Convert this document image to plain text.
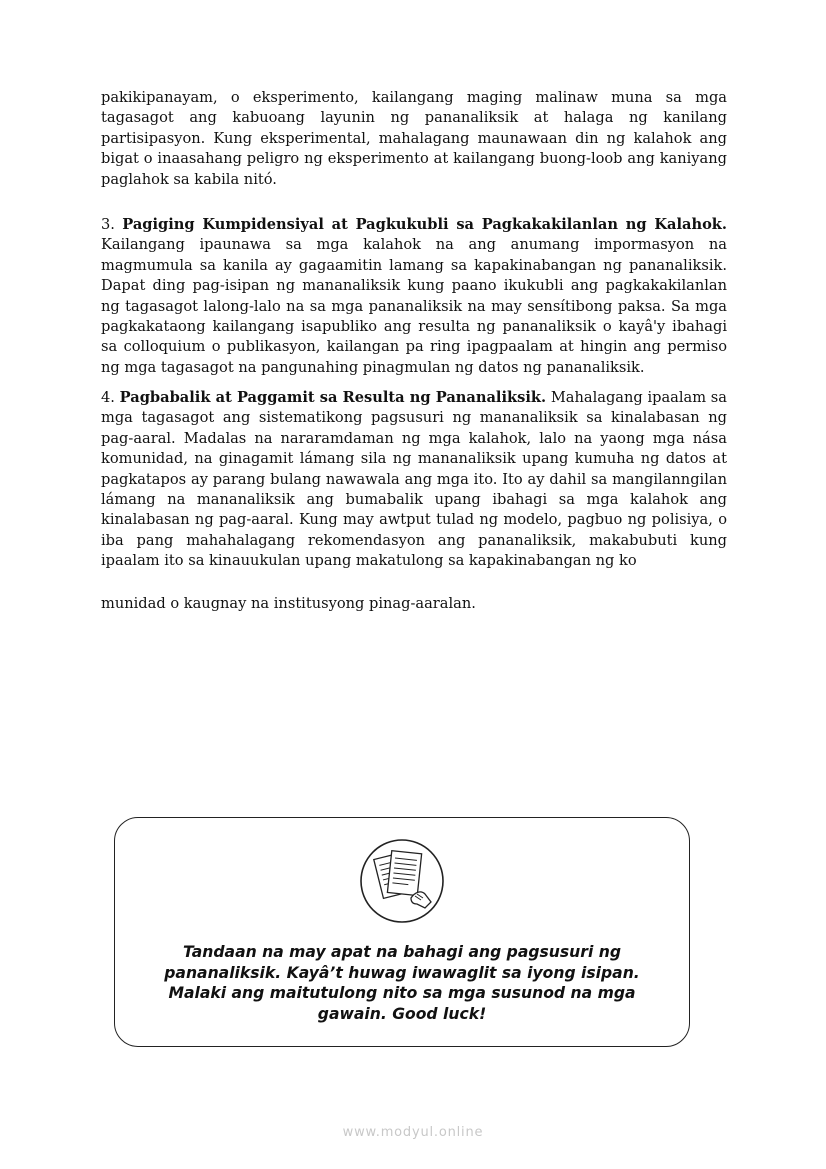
pakikipanayam, o eksperimento, kailangang maging malinaw muna sa mga tagasagot ang kabuoang layunin ng pananaliksik at halaga ng kanilang partisipasyon. Kung eksperimental, mahalagang maunawaan din ng kalahok ang bigat o inaasahang peligro ng eksperimento at kailangang buong-loob ang kaniyang paglahok sa kabila nitó.

3. Pagiging Kumpidensiyal at Pagkukubli sa Pagkakakilanlan ng Kalahok. Kailangang ipaunawa sa mga kalahok na ang anumang impormasyon na magmumula sa kanila ay gagaamitin lamang sa kapakinabangan ng pananaliksik. Dapat ding pag-isipan ng mananaliksik kung paano ikukubli ang pagkakakilanlan ng tagasagot lalong-lalo na sa mga pananaliksik na may sensítibong paksa. Sa mga pagkakataong kailangang isapubliko ang resulta ng pananaliksik o kayâ'y ibahagi sa colloquium o publikasyon, kailangan pa ring ipagpaalam at hingin ang permiso ng mga tagasagot na pangunahing pinagmulan ng datos ng pananaliksik.

4. Pagbabalik at Paggamit sa Resulta ng Pananaliksik. Mahalagang ipaalam sa mga tagasagot ang sistematikong pagsusuri ng mananaliksik sa kinalabasan ng pag-aaral. Madalas na nararamdaman ng mga kalahok, lalo na yaong mga násа komunidad, na ginagamit lámang sila ng mananaliksik upang kumuha ng datos at pagkatapos ay parang bulang nawawala ang mga ito. Ito ay dahil sa mangilanngilan lámang na mananaliksik ang bumabalik upang ibahagi sa mga kalahok ang kinalabasan ng pag-aaral. Kung may awtput tulad ng modelo, pagbuo ng polisiya, o iba pang mahahalagang rekomendasyon ang pananaliksik, makabubuti kung ipaalam ito sa kinauukulan upang makatulong sa kapakinabangan ng ko

munidad o kaugnay na institusyong pinag-aaralan.

Tandaan na may apat na bahagi ang pagsusuri ng pananaliksik. Kayâ’t huwag iwawaglit sa iyong isipan. Malaki ang maitutulong nito sa mga susunod na mga gawain. Good luck!

www.modyul.online
